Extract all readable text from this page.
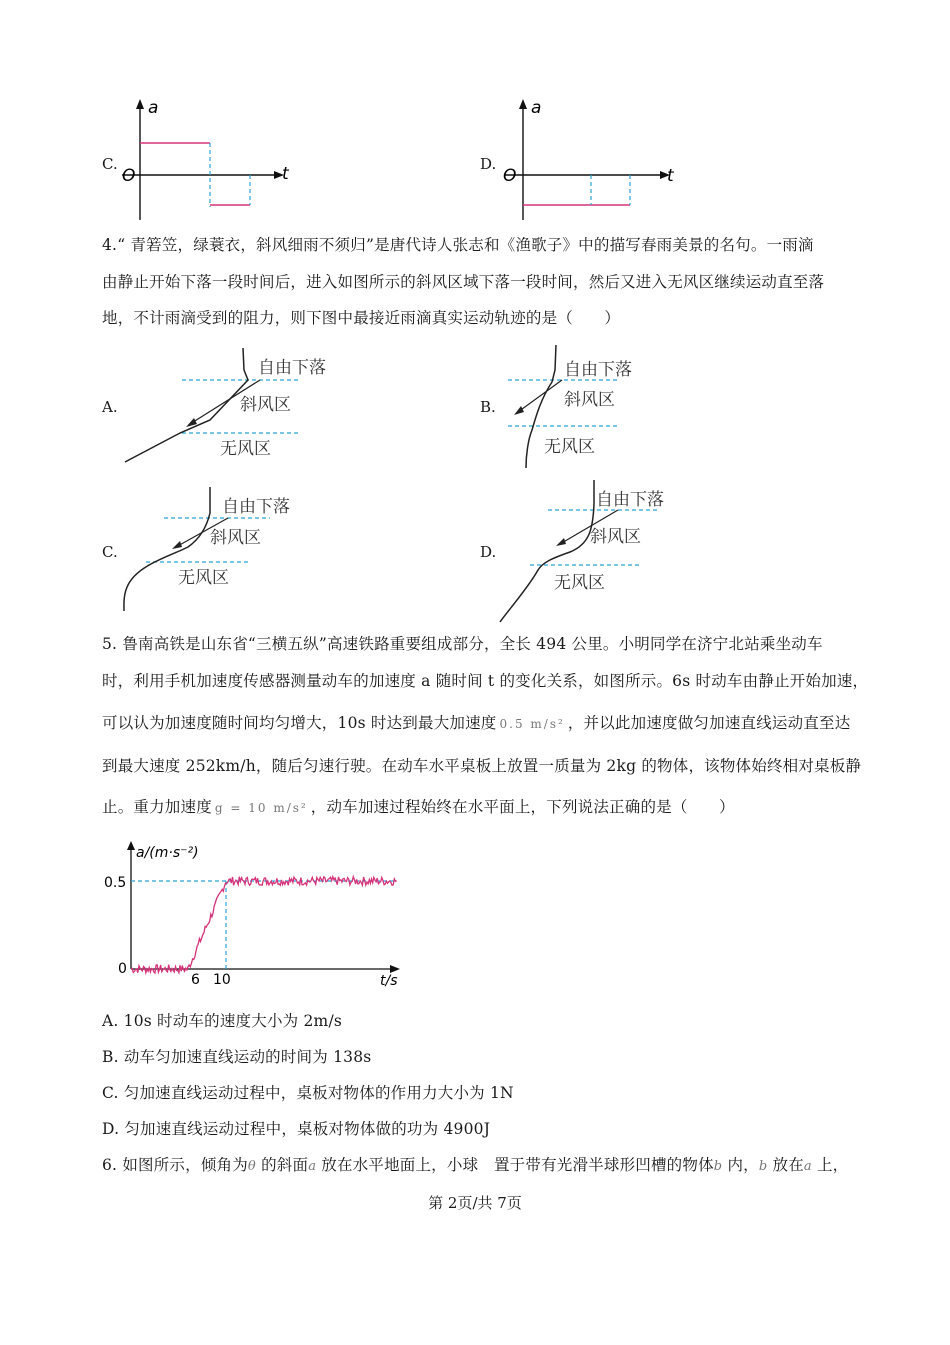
C.
a
t
O
D.
a
t
O
4.“ 青箬笠，绿蓑衣，斜风细雨不须归”是唐代诗人张志和《渔歌子》中的描写春雨美景的名句。一雨滴
由静止开始下落一段时间后，进入如图所示的斜风区域下落一段时间，然后又进入无风区继续运动直至落
地，不计雨滴受到的阻力，则下图中最接近雨滴真实运动轨迹的是（　　）
A.
自由下落
斜风区
无风区
B.
自由下落
斜风区
无风区
C.
自由下落
斜风区
无风区
D.
自由下落
斜风区
无风区
5. 鲁南高铁是山东省“三横五纵”高速铁路重要组成部分，全长 494 公里。小明同学在济宁北站乘坐动车
时，利用手机加速度传感器测量动车的加速度 a 随时间 t 的变化关系，如图所示。6s 时动车由静止开始加速，
可以认为加速度随时间均匀增大，10s 时达到最大加速度 0.5 m/s² ，并以此加速度做匀加速直线运动直至达
到最大速度 252km/h，随后匀速行驶。在动车水平桌板上放置一质量为 2kg 的物体，该物体始终相对桌板静
止。重力加速度 g = 10 m/s² ，动车加速过程始终在水平面上，下列说法正确的是（　　）
a/(m·s⁻²)
t/s
0.5
0
6 10
A. 10s 时动车的速度大小为 2m/s
B. 动车匀加速直线运动的时间为 138s
C. 匀加速直线运动过程中，桌板对物体的作用力大小为 1N
D. 匀加速直线运动过程中，桌板对物体做的功为 4900J
6. 如图所示，倾角为θ 的斜面a 放在水平地面上，小球　置于带有光滑半球形凹槽的物体b 内，b 放在a 上，
第 2页/共 7页
